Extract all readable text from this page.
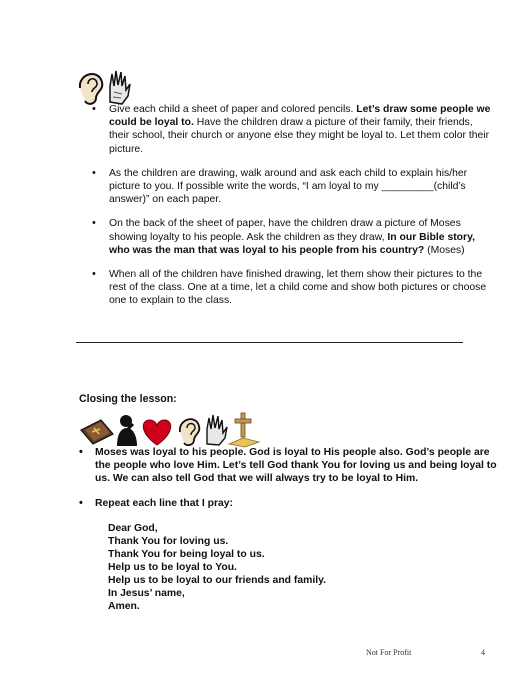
• Give each child a sheet of paper and colored pencils. Let’s draw some people we could be loyal to. Have the children draw a picture of their family, their friends, their school, their church or anyone else they might be loyal to. Let them color their picture.
• As the children are drawing, walk around and ask each child to explain his/her picture to you. If possible write the words, “I am loyal to my _________(child’s answer)” on each paper.
• On the back of the sheet of paper, have the children draw a picture of Moses showing loyalty to his people. Ask the children as they draw, In our Bible story, who was the man that was loyal to his people from his country? (Moses)
• When all of the children have finished drawing, let them show their pictures to the rest of the class. One at a time, let a child come and show both pictures or choose one to explain to the class.
Closing the lesson:
• Moses was loyal to his people. God is loyal to His people also. God’s people are the people who love Him. Let’s tell God thank You for loving us and being loyal to us. We can also tell God that we will always try to be loyal to Him.
• Repeat each line that I pray:
Dear God,
Thank You for loving us.
Thank You for being loyal to us.
Help us to be loyal to You.
Help us to be loyal to our friends and family.
In Jesus’ name,
Amen.
Not For Profit	4
